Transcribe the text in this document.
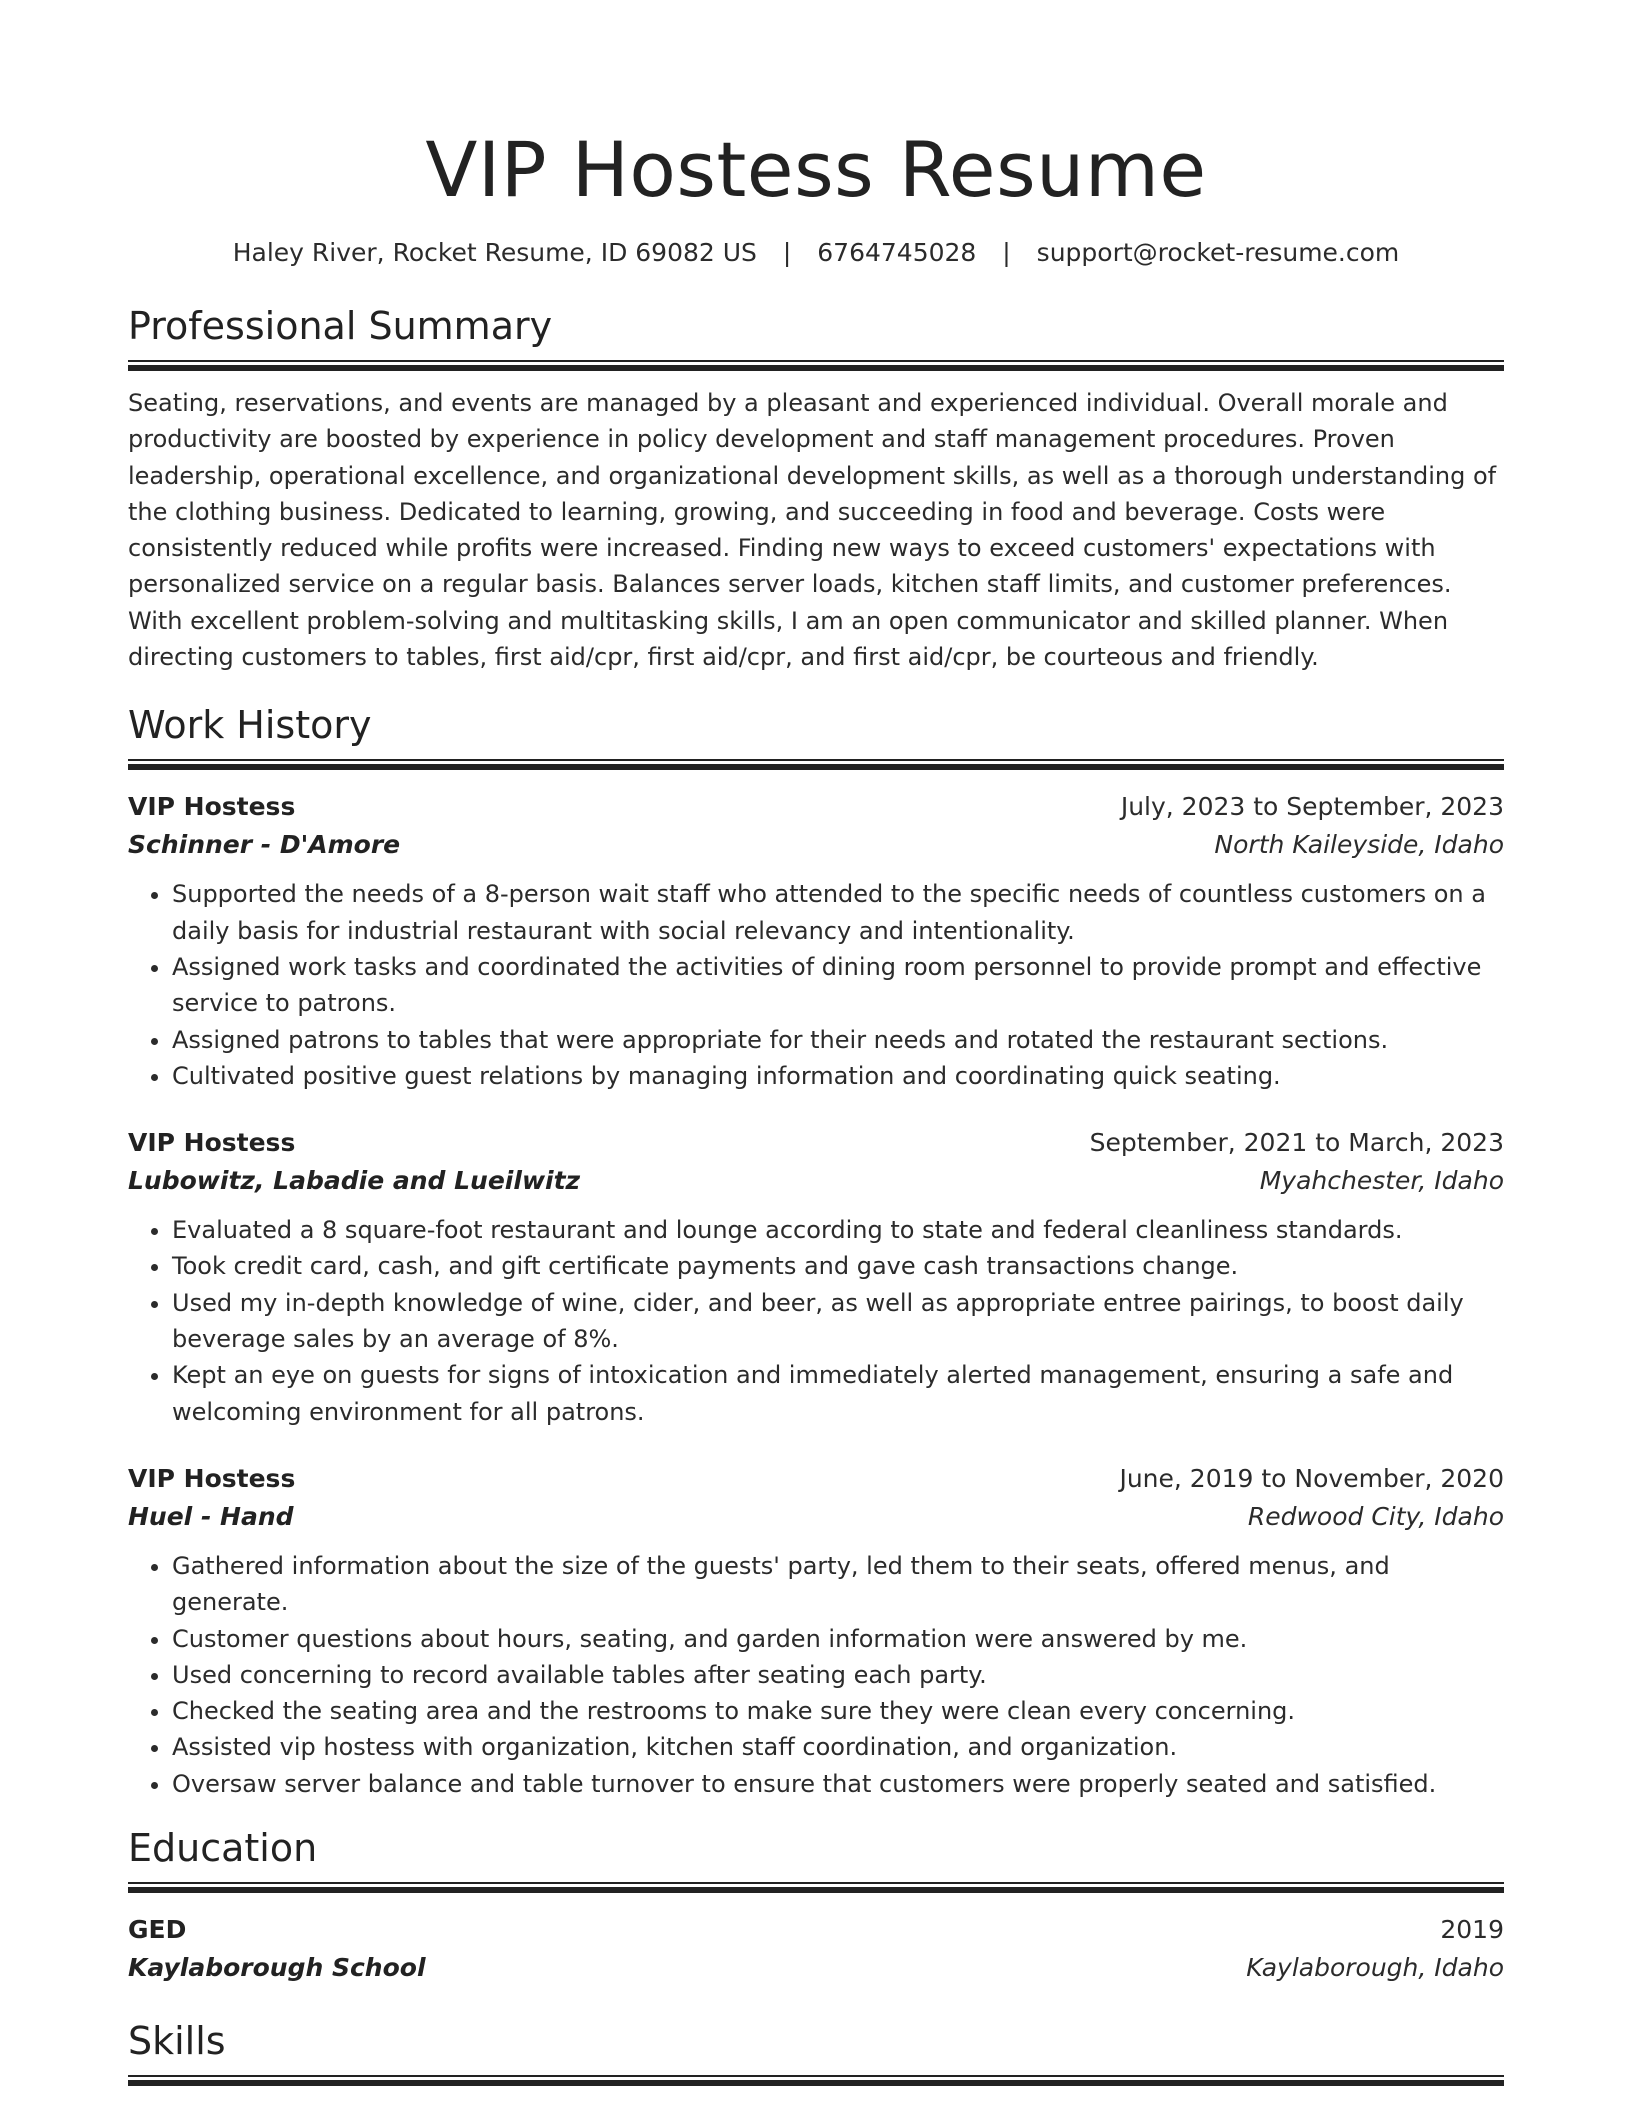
VIP Hostess Resume
Haley River, Rocket Resume, ID 69082 US | 6764745028 | support@rocket-resume.com
Professional Summary

Seating, reservations, and events are managed by a pleasant and experienced individual. Overall morale and productivity are boosted by experience in policy development and staff management procedures. Proven leadership, operational excellence, and organizational development skills, as well as a thorough understanding of the clothing business. Dedicated to learning, growing, and succeeding in food and beverage. Costs were consistently reduced while profits were increased. Finding new ways to exceed customers' expectations with personalized service on a regular basis. Balances server loads, kitchen staff limits, and customer preferences. With excellent problem-solving and multitasking skills, I am an open communicator and skilled planner. When directing customers to tables, first aid/cpr, first aid/cpr, and first aid/cpr, be courteous and friendly.

Work History
VIP Hostess	July, 2023 to September, 2023
Schinner - D'Amore	North Kaileyside, Idaho
• Supported the needs of a 8-person wait staff who attended to the specific needs of countless customers on a daily basis for industrial restaurant with social relevancy and intentionality.
• Assigned work tasks and coordinated the activities of dining room personnel to provide prompt and effective service to patrons.
• Assigned patrons to tables that were appropriate for their needs and rotated the restaurant sections.
• Cultivated positive guest relations by managing information and coordinating quick seating.
VIP Hostess	September, 2021 to March, 2023
Lubowitz, Labadie and Lueilwitz	Myahchester, Idaho
• Evaluated a 8 square-foot restaurant and lounge according to state and federal cleanliness standards.
• Took credit card, cash, and gift certificate payments and gave cash transactions change.
• Used my in-depth knowledge of wine, cider, and beer, as well as appropriate entree pairings, to boost daily beverage sales by an average of 8%.
• Kept an eye on guests for signs of intoxication and immediately alerted management, ensuring a safe and welcoming environment for all patrons.
VIP Hostess	June, 2019 to November, 2020
Huel - Hand	Redwood City, Idaho
• Gathered information about the size of the guests' party, led them to their seats, offered menus, and generate.
• Customer questions about hours, seating, and garden information were answered by me.
• Used concerning to record available tables after seating each party.
• Checked the seating area and the restrooms to make sure they were clean every concerning.
• Assisted vip hostess with organization, kitchen staff coordination, and organization.
• Oversaw server balance and table turnover to ensure that customers were properly seated and satisfied.
Education
GED	2019
Kaylaborough School	Kaylaborough, Idaho
Skills
